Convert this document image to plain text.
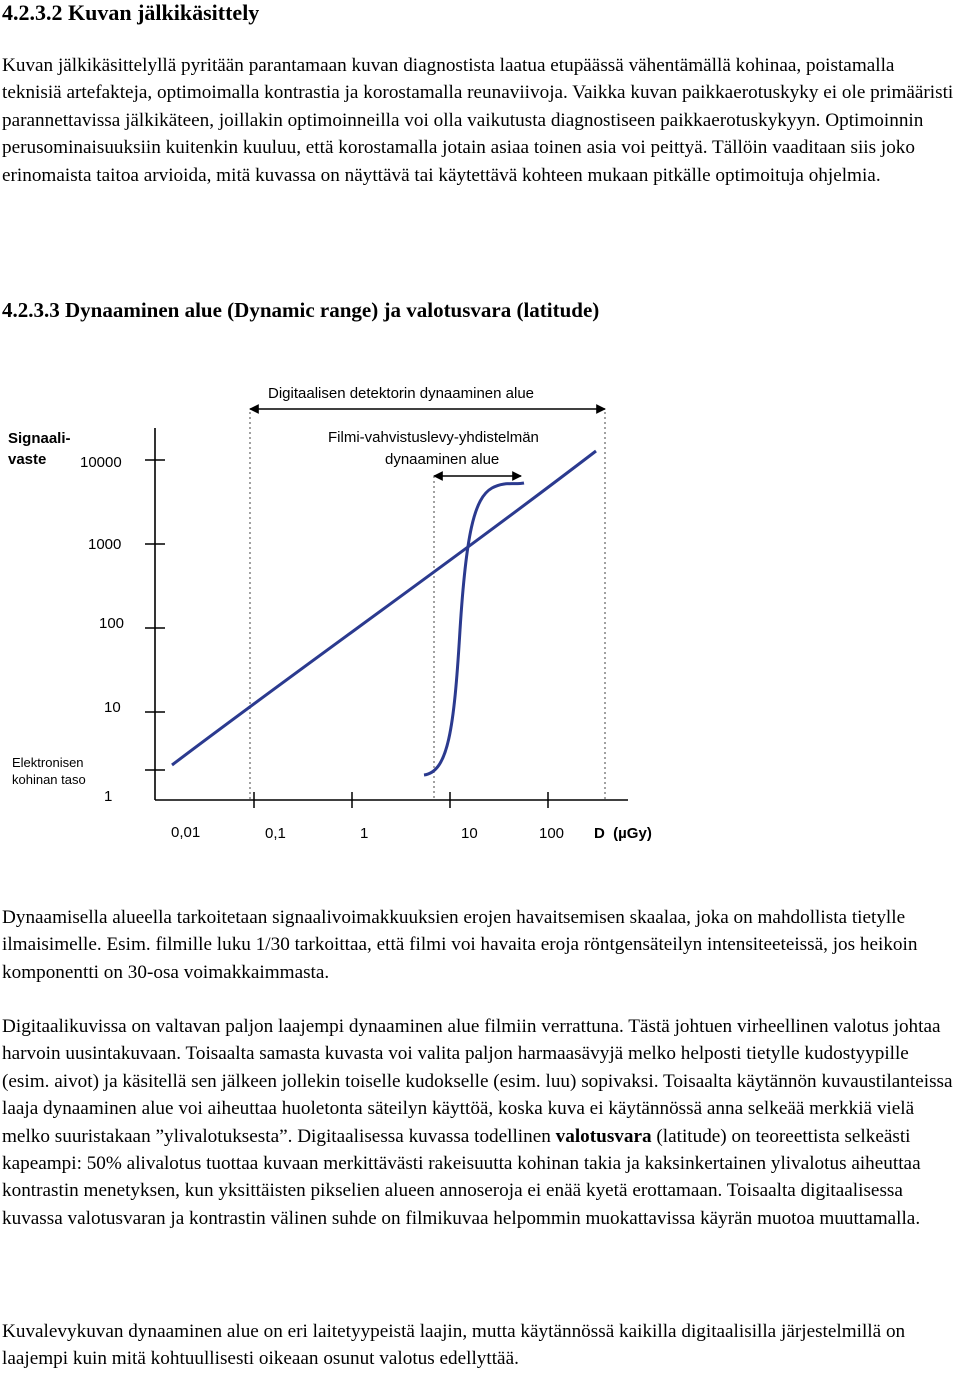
4.2.3.2 Kuvan jälkikäsittely

Kuvan jälkikäsittelyllä pyritään parantamaan kuvan diagnostista laatua etupäässä vähentämällä kohinaa, poistamalla teknisiä artefakteja, optimoimalla kontrastia ja korostamalla reunaviivoja. Vaikka kuvan paikkaerotuskyky ei ole primääristi parannettavissa jälkikäteen, joillakin optimoinneilla voi olla vaikutusta diagnostiseen paikkaerotuskykyyn. Optimoinnin perusominaisuuksiin kuitenkin kuuluu, että korostamalla jotain asiaa toinen asia voi peittyä. Tällöin vaaditaan siis joko erinomaista taitoa arvioida, mitä kuvassa on näyttävä tai käytettävä kohteen mukaan pitkälle optimoituja ohjelmia.

4.2.3.3 Dynaaminen alue (Dynamic range) ja valotusvara (latitude)
10000
1000
100
10
1
Signaali-
vaste
Elektronisen
kohinan taso
0,01	0,1	1	10	100 D  (µGy)
Digitaalisen detektorin dynaaminen alue
Filmi-vahvistuslevy-yhdistelmän
dynaaminen alue

Dynaamisella alueella tarkoitetaan signaalivoimakkuuksien erojen havaitsemisen skaalaa, joka on mahdollista tietylle ilmaisimelle. Esim. filmille luku 1/30 tarkoittaa, että filmi voi havaita eroja röntgensäteilyn intensiteeteissä, jos heikoin komponentti on 30-osa voimakkaimmasta.

Digitaalikuvissa on valtavan paljon laajempi dynaaminen alue filmiin verrattuna. Tästä johtuen virheellinen valotus johtaa harvoin uusintakuvaan. Toisaalta samasta kuvasta voi valita paljon harmaasävyjä melko helposti tietylle kudostyypille (esim. aivot) ja käsitellä sen jälkeen jollekin toiselle kudokselle (esim. luu) sopivaksi. Toisaalta käytännön kuvaustilanteissa laaja dynaaminen alue voi aiheuttaa huoletonta säteilyn käyttöä, koska kuva ei käytännössä anna selkeää merkkiä vielä melko suuristakaan ”ylivalotuksesta”. Digitaalisessa kuvassa todellinen valotusvara (latitude) on teoreettista selkeästi kapeampi: 50% alivalotus tuottaa kuvaan merkittävästi rakeisuutta kohinan takia ja kaksinkertainen ylivalotus aiheuttaa kontrastin menetyksen, kun yksittäisten pikselien alueen annoseroja ei enää kyetä erottamaan. Toisaalta digitaalisessa kuvassa valotusvaran ja kontrastin välinen suhde on filmikuvaa helpommin muokattavissa käyrän muotoa muuttamalla.

Kuvalevykuvan dynaaminen alue on eri laitetyypeistä laajin, mutta käytännössä kaikilla digitaalisilla järjestelmillä on laajempi kuin mitä kohtuullisesti oikeaan osunut valotus edellyttää.
